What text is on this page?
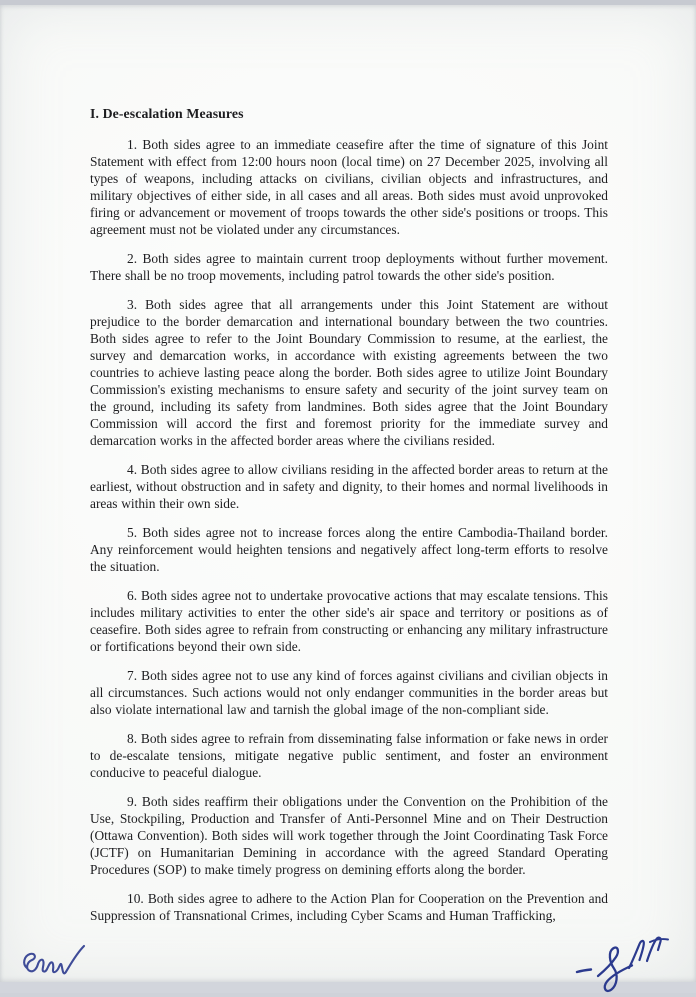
I. De-escalation Measures

1. Both sides agree to an immediate ceasefire after the time of signature of this Joint Statement with effect from 12:00 hours noon (local time) on 27 December 2025, involving all types of weapons, including attacks on civilians, civilian objects and infrastructures, and military objectives of either side, in all cases and all areas. Both sides must avoid unprovoked firing or advancement or movement of troops towards the other side's positions or troops. This agreement must not be violated under any circumstances.

2. Both sides agree to maintain current troop deployments without further movement. There shall be no troop movements, including patrol towards the other side's position.

3. Both sides agree that all arrangements under this Joint Statement are without prejudice to the border demarcation and international boundary between the two countries. Both sides agree to refer to the Joint Boundary Commission to resume, at the earliest, the survey and demarcation works, in accordance with existing agreements between the two countries to achieve lasting peace along the border. Both sides agree to utilize Joint Boundary Commission's existing mechanisms to ensure safety and security of the joint survey team on the ground, including its safety from landmines. Both sides agree that the Joint Boundary Commission will accord the first and foremost priority for the immediate survey and demarcation works in the affected border areas where the civilians resided.

4. Both sides agree to allow civilians residing in the affected border areas to return at the earliest, without obstruction and in safety and dignity, to their homes and normal livelihoods in areas within their own side.

5. Both sides agree not to increase forces along the entire Cambodia-Thailand border. Any reinforcement would heighten tensions and negatively affect long-term efforts to resolve the situation.

6. Both sides agree not to undertake provocative actions that may escalate tensions. This includes military activities to enter the other side's air space and territory or positions as of ceasefire. Both sides agree to refrain from constructing or enhancing any military infrastructure or fortifications beyond their own side.

7. Both sides agree not to use any kind of forces against civilians and civilian objects in all circumstances. Such actions would not only endanger communities in the border areas but also violate international law and tarnish the global image of the non-compliant side.

8. Both sides agree to refrain from disseminating false information or fake news in order to de-escalate tensions, mitigate negative public sentiment, and foster an environment conducive to peaceful dialogue.

9. Both sides reaffirm their obligations under the Convention on the Prohibition of the Use, Stockpiling, Production and Transfer of Anti-Personnel Mine and on Their Destruction (Ottawa Convention). Both sides will work together through the Joint Coordinating Task Force (JCTF) on Humanitarian Demining in accordance with the agreed Standard Operating Procedures (SOP) to make timely progress on demining efforts along the border.

10. Both sides agree to adhere to the Action Plan for Cooperation on the Prevention and Suppression of Transnational Crimes, including Cyber Scams and Human Trafficking,
